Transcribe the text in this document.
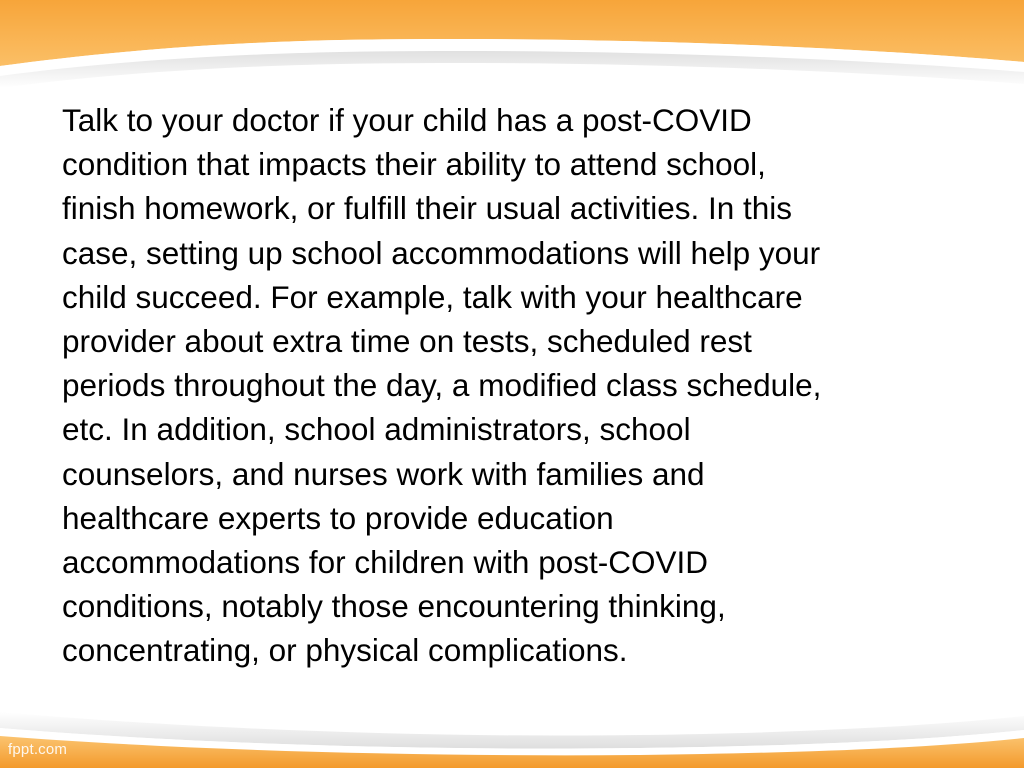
Talk to your doctor if your child has a post-COVID
condition that impacts their ability to attend school,
finish homework, or fulfill their usual activities. In this
case, setting up school accommodations will help your
child succeed. For example, talk with your healthcare
provider about extra time on tests, scheduled rest
periods throughout the day, a modified class schedule,
etc. In addition, school administrators, school
counselors, and nurses work with families and
healthcare experts to provide education
accommodations for children with post-COVID
conditions, notably those encountering thinking,
concentrating, or physical complications.

fppt.com
